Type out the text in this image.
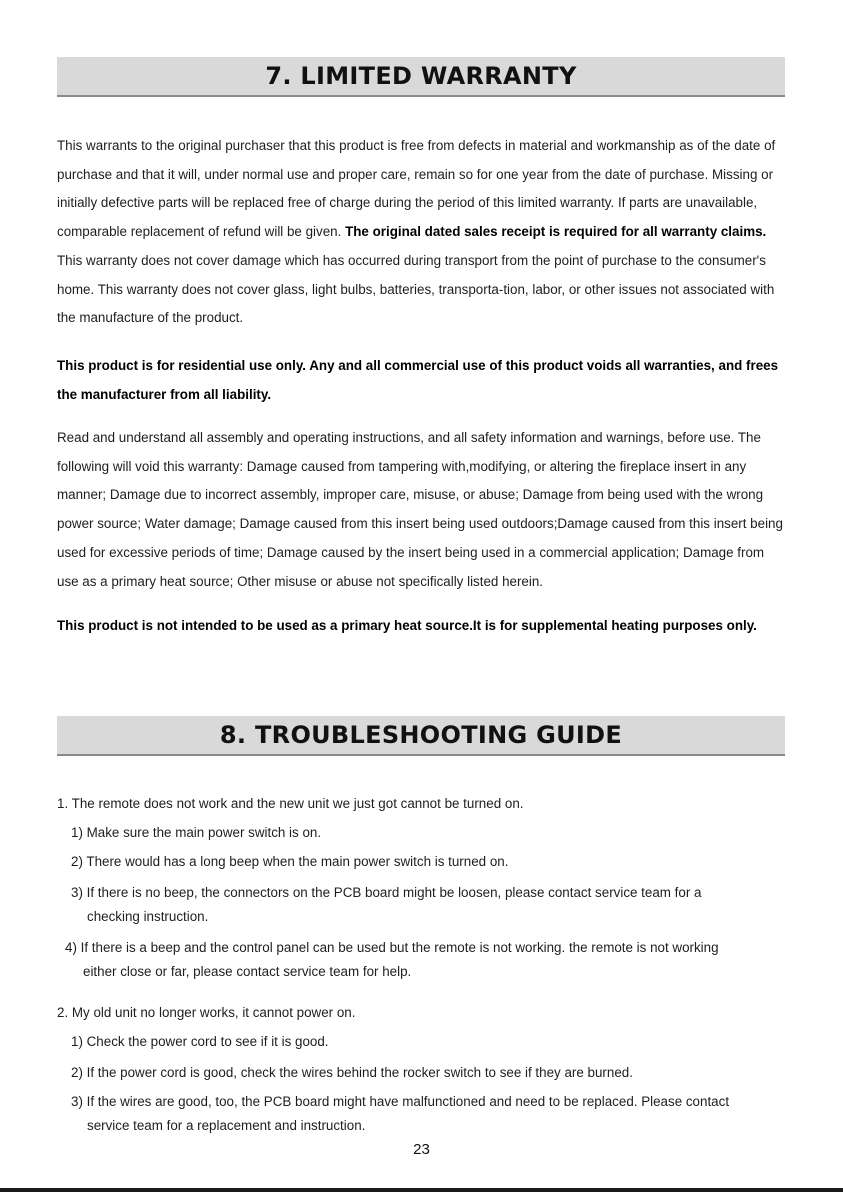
7. LIMITED WARRANTY

This warrants to the original purchaser that this product is free from defects in material and workmanship as of the date of purchase and that it will, under normal use and proper care, remain so for one year from the date of purchase. Missing or initially defective parts will be replaced free of charge during the period of this limited warranty. If parts are unavailable, comparable replacement of refund will be given. The original dated sales receipt is required for all warranty claims. This warranty does not cover damage which has occurred during transport from the point of purchase to the consumer's home. This warranty does not cover glass, light bulbs, batteries, transporta-tion, labor, or other issues not associated with the manufacture of the product.

This product is for residential use only. Any and all commercial use of this product voids all warranties, and frees the manufacturer from all liability.

Read and understand all assembly and operating instructions, and all safety information and warnings, before use. The following will void this warranty: Damage caused from tampering with,modifying, or altering the fireplace insert in any manner; Damage due to incorrect assembly, improper care, misuse, or abuse; Damage from being used with the wrong power source; Water damage; Damage caused from this insert being used outdoors;Damage caused from this insert being used for excessive periods of time; Damage caused by the insert being used in a commercial application; Damage from use as a primary heat source; Other misuse or abuse not specifically listed herein.

This product is not intended to be used as a primary heat source.It is for supplemental heating purposes only.

8. TROUBLESHOOTING GUIDE

1. The remote does not work and the new unit we just got cannot be turned on.

1) Make sure the main power switch is on.

2) There would has a long beep when the main power switch is turned on.

3) If there is no beep, the connectors on the PCB board might be loosen, please contact service team for a
checking instruction.

4) If there is a beep and the control panel can be used but the remote is not working. the remote is not working
either close or far, please contact service team for help.

2. My old unit no longer works, it cannot power on.

1) Check the power cord to see if it is good.

2) If the power cord is good, check the wires behind the rocker switch to see if they are burned.

3) If the wires are good, too, the PCB board might have malfunctioned and need to be replaced. Please contact
service team for a replacement and instruction.

23
